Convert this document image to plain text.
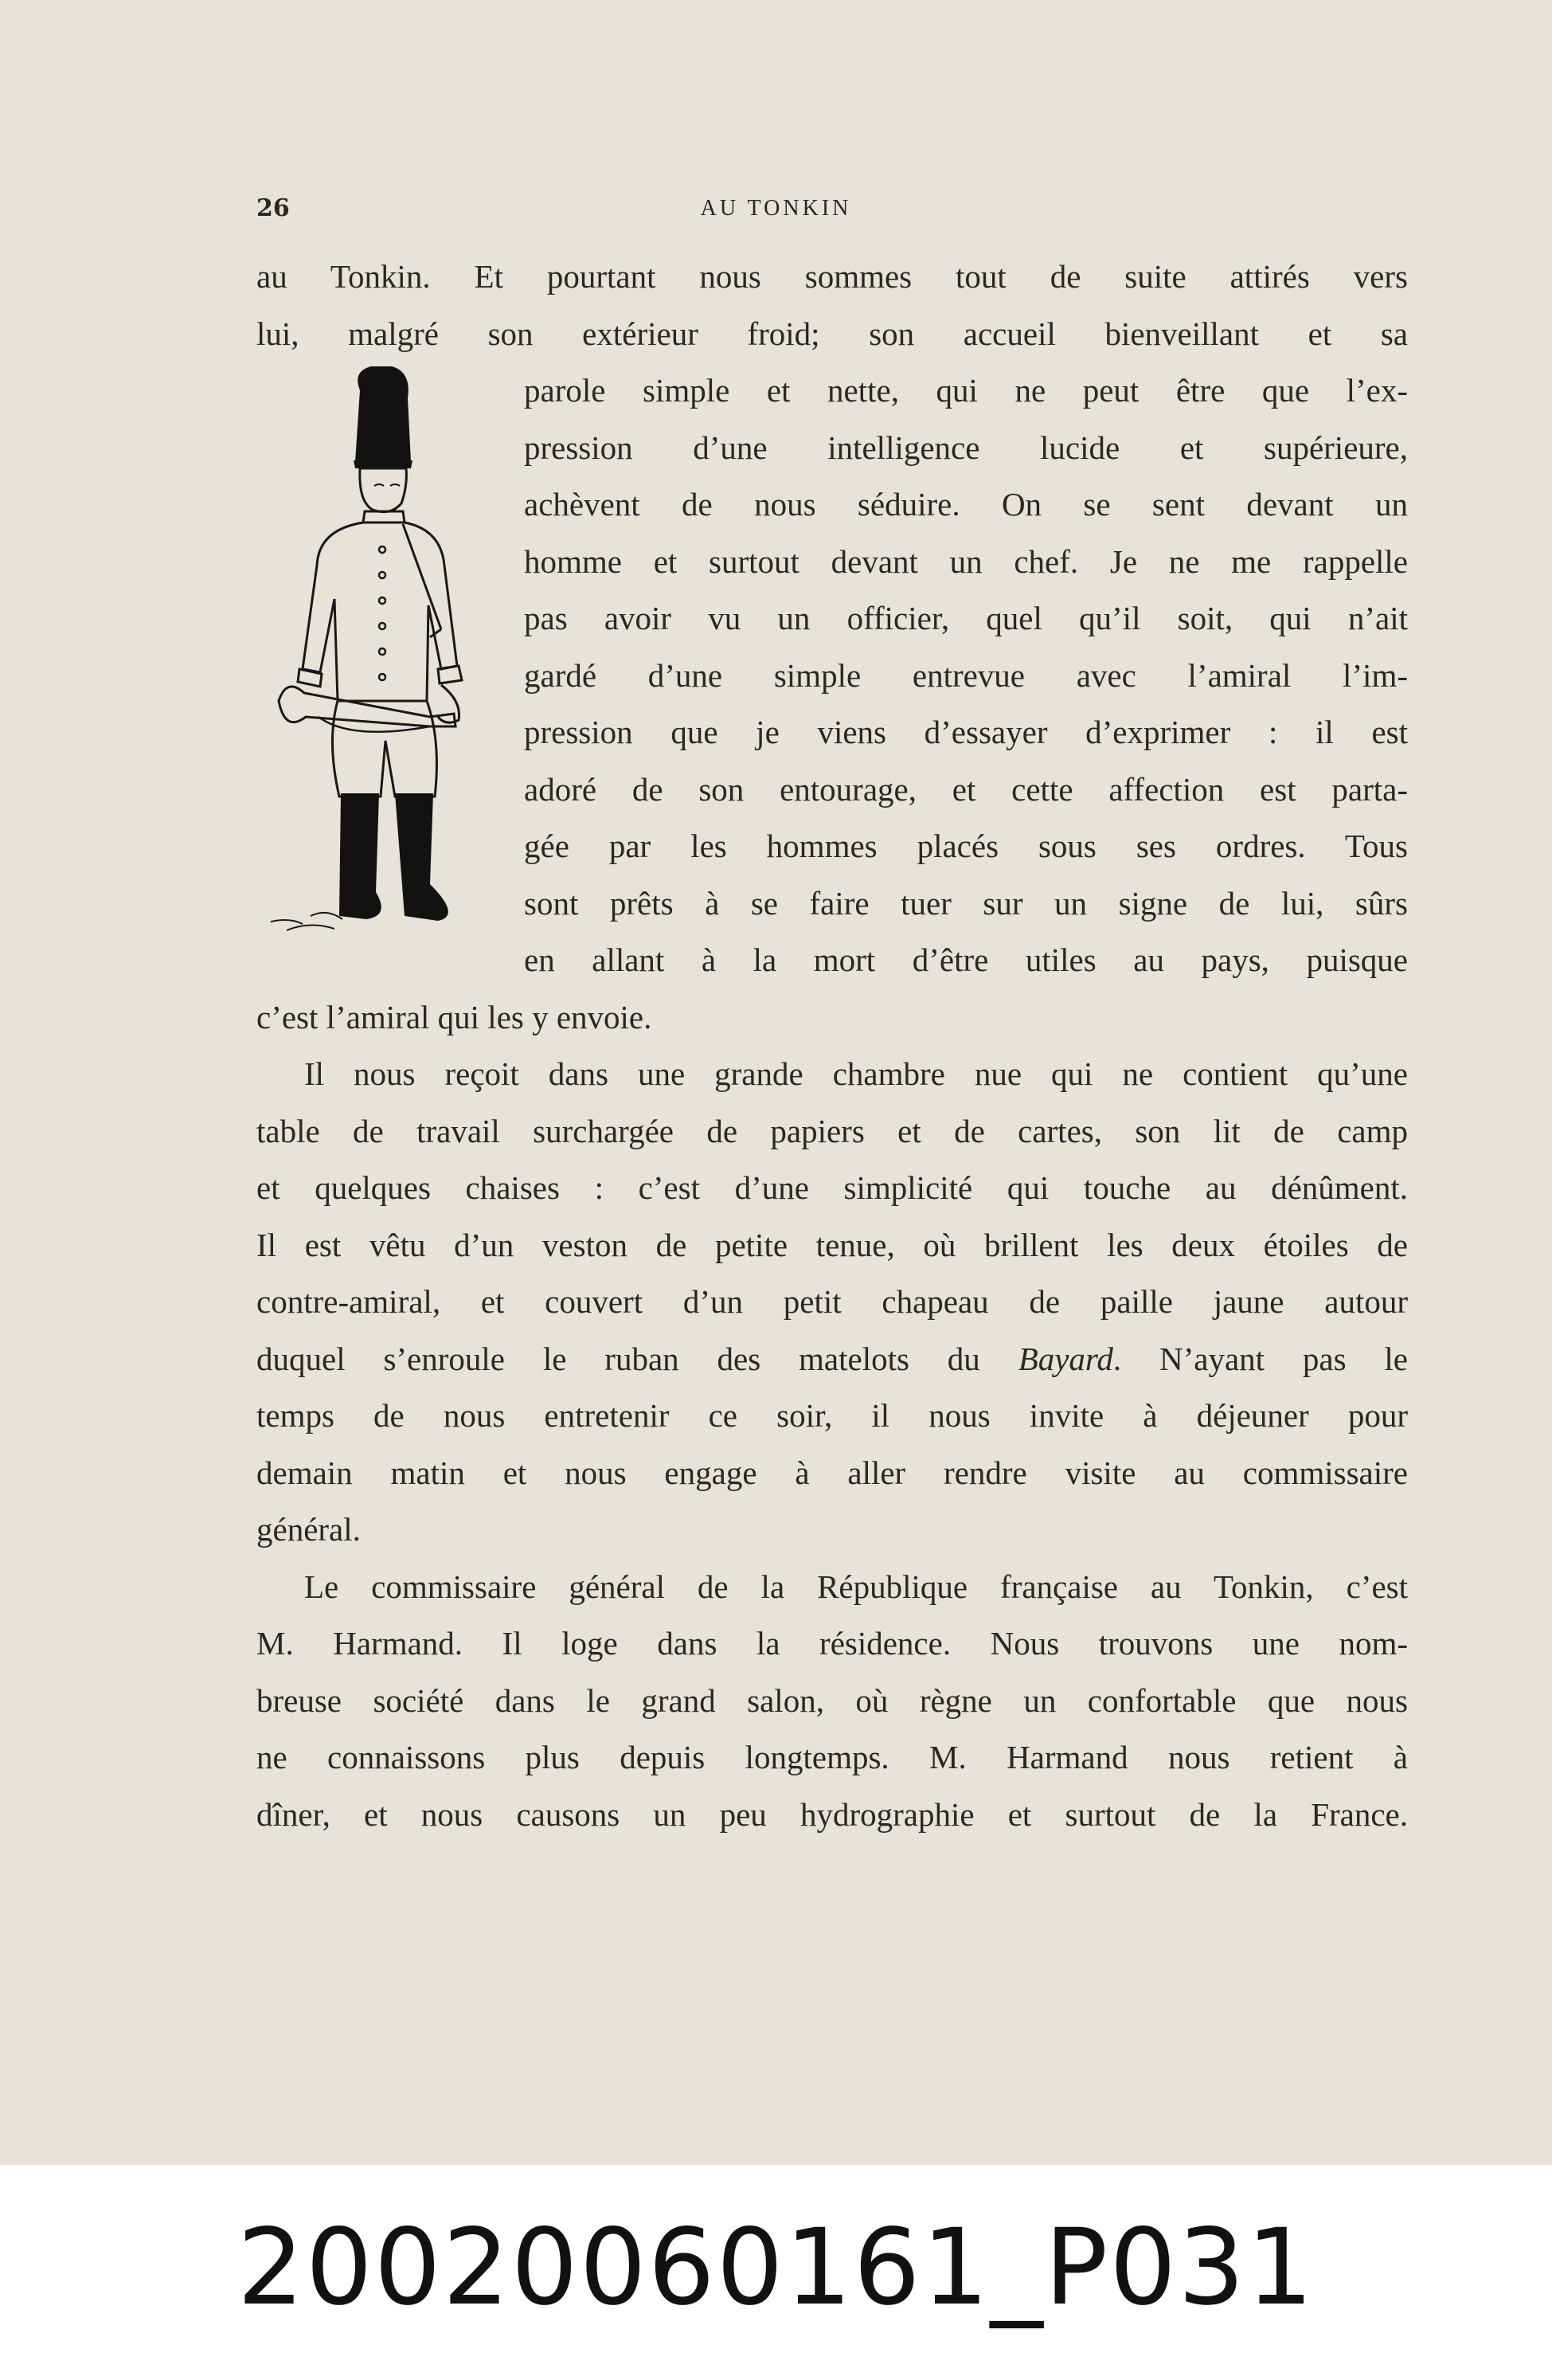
26	AU TONKIN
au Tonkin. Et pourtant nous sommes tout de suite attirés vers
lui, malgré son extérieur froid; son accueil bienveillant et sa
parole simple et nette, qui ne peut être que l’ex-
pression d’une intelligence lucide et supérieure,
achèvent de nous séduire. On se sent devant un
homme et surtout devant un chef. Je ne me rappelle
pas avoir vu un officier, quel qu’il soit, qui n’ait
gardé d’une simple entrevue avec l’amiral l’im-
pression que je viens d’essayer d’exprimer : il est
adoré de son entourage, et cette affection est parta-
gée par les hommes placés sous ses ordres. Tous
sont prêts à se faire tuer sur un signe de lui, sûrs
en allant à la mort d’être utiles au pays, puisque
c’est l’amiral qui les y envoie.
Il nous reçoit dans une grande chambre nue qui ne contient qu’une
table de travail surchargée de papiers et de cartes, son lit de camp
et quelques chaises : c’est d’une simplicité qui touche au dénûment.
Il est vêtu d’un veston de petite tenue, où brillent les deux étoiles de
contre-amiral, et couvert d’un petit chapeau de paille jaune autour
duquel s’enroule le ruban des matelots du Bayard. N’ayant pas le
temps de nous entretenir ce soir, il nous invite à déjeuner pour
demain matin et nous engage à aller rendre visite au commissaire
général.
Le commissaire général de la République française au Tonkin, c’est
M. Harmand. Il loge dans la résidence. Nous trouvons une nom-
breuse société dans le grand salon, où règne un confortable que nous
ne connaissons plus depuis longtemps. M. Harmand nous retient à
dîner, et nous causons un peu hydrographie et surtout de la France.
20020060161_P031
